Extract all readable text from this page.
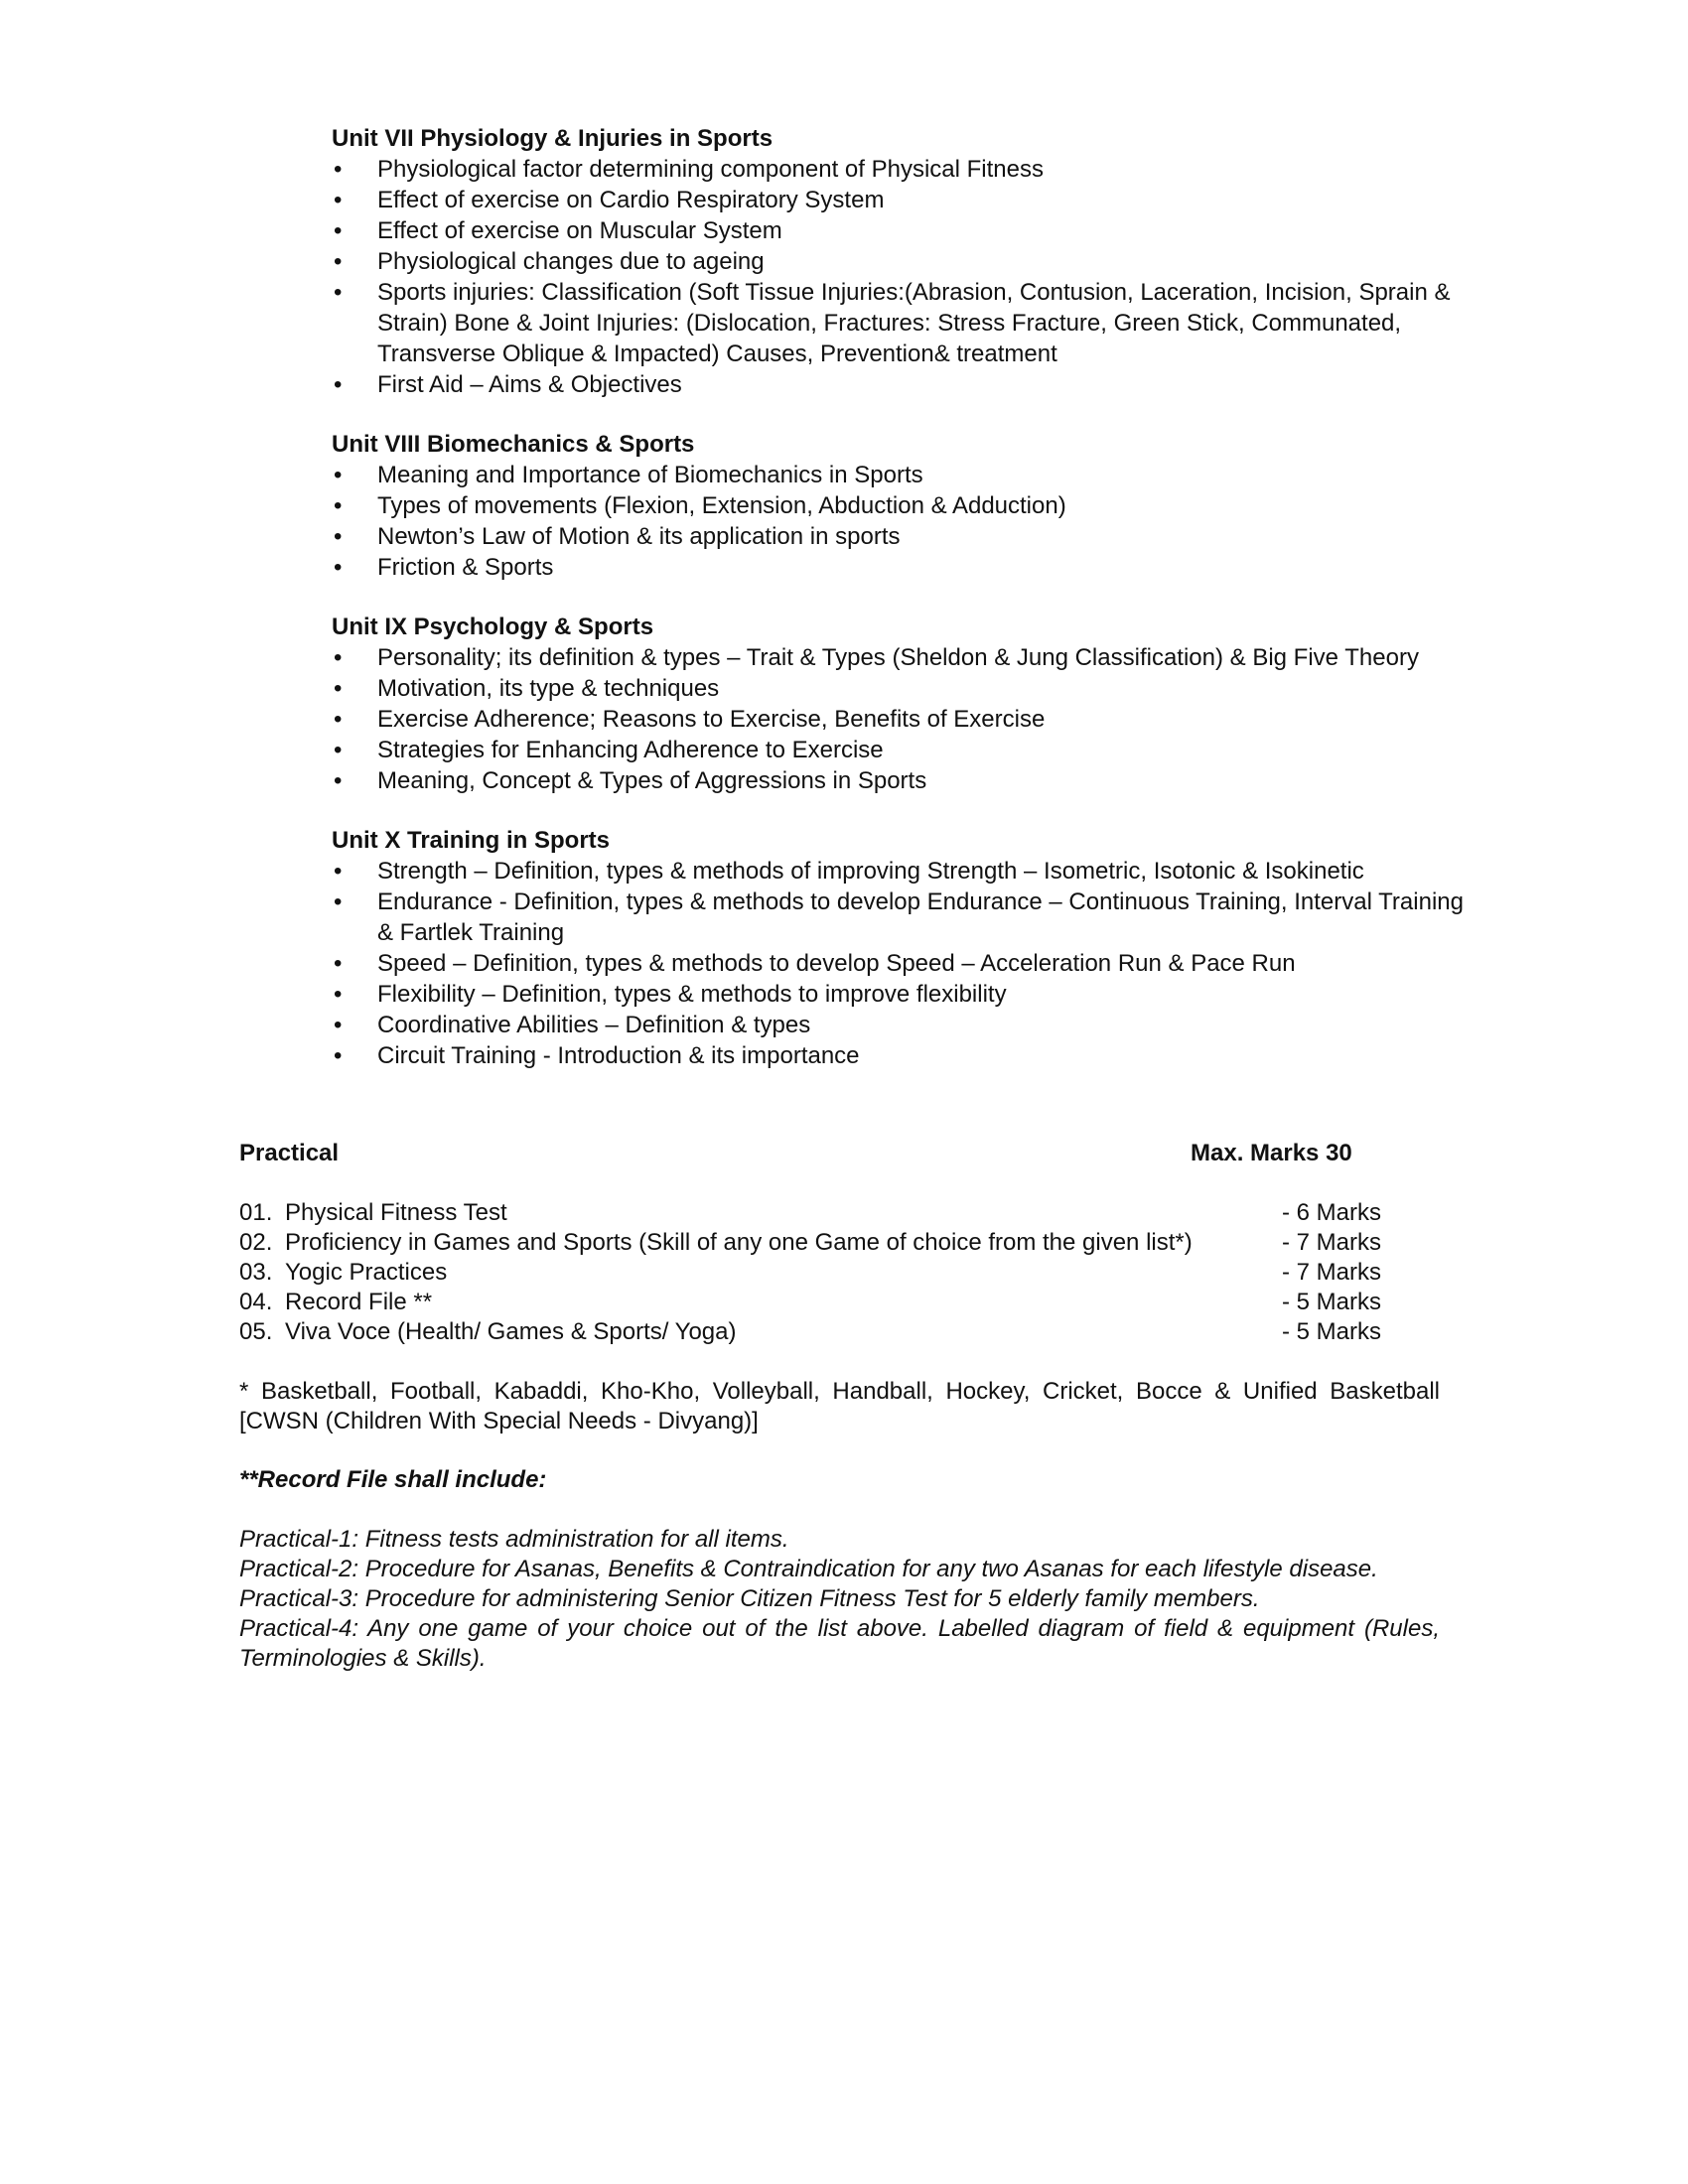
Unit VII Physiology & Injuries in Sports

• Physiological factor determining component of Physical Fitness
• Effect of exercise on Cardio Respiratory System
• Effect of exercise on Muscular System
• Physiological changes due to ageing
• Sports injuries: Classification (Soft Tissue Injuries:(Abrasion, Contusion, Laceration, Incision, Sprain & Strain) Bone & Joint Injuries: (Dislocation, Fractures: Stress Fracture, Green Stick, Communated, Transverse Oblique & Impacted) Causes, Prevention& treatment
• First Aid – Aims & Objectives

Unit VIII Biomechanics & Sports

• Meaning and Importance of Biomechanics in Sports
• Types of movements (Flexion, Extension, Abduction & Adduction)
• Newton’s Law of Motion & its application in sports
• Friction & Sports

Unit IX Psychology & Sports

• Personality; its definition & types – Trait & Types (Sheldon & Jung Classification) & Big Five Theory
• Motivation, its type & techniques
• Exercise Adherence; Reasons to Exercise, Benefits of Exercise
• Strategies for Enhancing Adherence to Exercise
• Meaning, Concept & Types of Aggressions in Sports

Unit X Training in Sports

• Strength – Definition, types & methods of improving Strength – Isometric, Isotonic & Isokinetic
• Endurance - Definition, types & methods to develop Endurance – Continuous Training, Interval Training & Fartlek Training
• Speed – Definition, types & methods to develop Speed – Acceleration Run & Pace Run
• Flexibility – Definition, types & methods to improve flexibility
• Coordinative Abilities – Definition & types
• Circuit Training - Introduction & its importance
Practical	Max. Marks 30
01. Physical Fitness Test	- 6 Marks
02. Proficiency in Games and Sports (Skill of any one Game of choice from the given list*)	- 7 Marks
03. Yogic Practices	- 7 Marks
04. Record File **	- 5 Marks
05. Viva Voce (Health/ Games & Sports/ Yoga)	- 5 Marks

* Basketball, Football, Kabaddi, Kho-Kho, Volleyball, Handball, Hockey, Cricket, Bocce & Unified Basketball [CWSN (Children With Special Needs - Divyang)]

**Record File shall include:

Practical-1: Fitness tests administration for all items.

Practical-2: Procedure for Asanas, Benefits & Contraindication for any two Asanas for each lifestyle disease.

Practical-3: Procedure for administering Senior Citizen Fitness Test for 5 elderly family members.

Practical-4: Any one game of your choice out of the list above. Labelled diagram of field & equipment (Rules, Terminologies & Skills).
